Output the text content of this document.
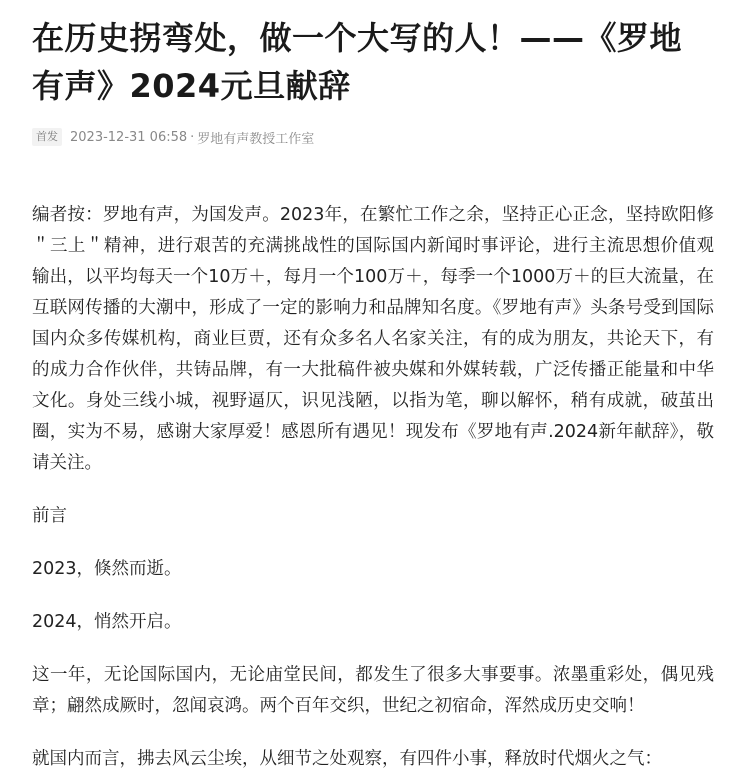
在历史拐弯处，做一个大写的人！——《罗地有声》2024元旦献辞
首发 2023-12-31 06:58 · 罗地有声教授工作室

编者按：罗地有声，为国发声。2023年，在繁忙工作之余，坚持正心正念，坚持欧阳修＂三上＂精神，进行艰苦的充满挑战性的国际国内新闻时事评论，进行主流思想价值观输出，以平均每天一个10万＋，每月一个100万＋，每季一个1000万＋的巨大流量，在互联网传播的大潮中，形成了一定的影响力和品牌知名度。《罗地有声》头条号受到国际国内众多传媒机构，商业巨贾，还有众多名人名家关注，有的成为朋友，共论天下，有的成力合作伙伴，共铸品牌，有一大批稿件被央媒和外媒转载，广泛传播正能量和中华文化。身处三线小城，视野逼仄，识见浅陋，以指为笔，聊以解怀，稍有成就，破茧出圈，实为不易，感谢大家厚爱！感恩所有遇见！现发布《罗地有声.2024新年献辞》，敬请关注。

前言

2023，倏然而逝。

2024，悄然开启。

这一年，无论国际国内，无论庙堂民间，都发生了很多大事要事。浓墨重彩处，偶见残章；翩然成厥时，忽闻哀鸿。两个百年交织，世纪之初宿命，浑然成历史交响！

就国内而言，拂去风云尘埃，从细节之处观察，有四件小事，释放时代烟火之气：
